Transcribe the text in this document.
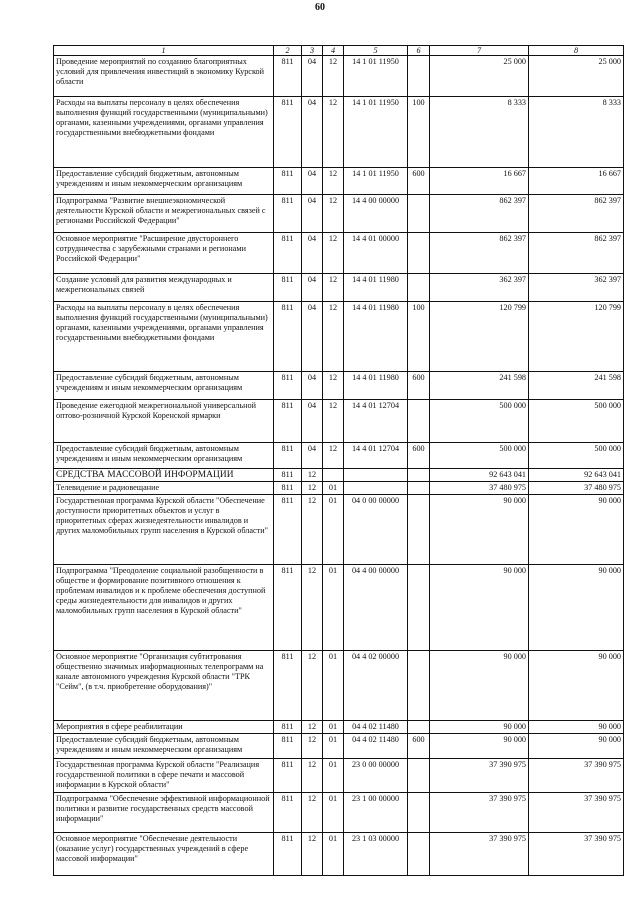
60
1	2	3	4	5	6	7	8
Проведение мероприятий по созданию благоприятных условий для привлечения инвестиций в экономику Курской области	811	04	12	14 1 01 11950		25 000	25 000
Расходы на выплаты персоналу в целях обеспечения выполнения функций государственными (муниципальными) органами, казенными учреждениями, органами управления государственными внебюджетными фондами	811	04	12	14 1 01 11950	100	8 333	8 333
Предоставление субсидий бюджетным, автономным учреждениям и иным некоммерческим организациям	811	04	12	14 1 01 11950	600	16 667	16 667
Подпрограмма "Развитие внешнеэкономической деятельности Курской области и межрегиональных связей с регионами Российской Федерации"	811	04	12	14 4 00 00000		862 397	862 397
Основное мероприятие "Расширение двустороннего сотрудничества с зарубежными странами и регионами Российской Федерации"	811	04	12	14 4 01 00000		862 397	862 397
Создание условий для развития международных и межрегиональных связей	811	04	12	14 4 01 11980		362 397	362 397
Расходы на выплаты персоналу в целях обеспечения выполнения функций государственными (муниципальными) органами, казенными учреждениями, органами управления государственными внебюджетными фондами	811	04	12	14 4 01 11980	100	120 799	120 799
Предоставление субсидий бюджетным, автономным учреждениям и иным некоммерческим организациям	811	04	12	14 4 01 11980	600	241 598	241 598
Проведение ежегодной межрегиональной универсальной оптово-розничной Курской Коренской ярмарки	811	04	12	14 4 01 12704		500 000	500 000
Предоставление субсидий бюджетным, автономным учреждениям и иным некоммерческим организациям	811	04	12	14 4 01 12704	600	500 000	500 000
СРЕДСТВА МАССОВОЙ ИНФОРМАЦИИ	811	12				92 643 041	92 643 041
Телевидение и радиовещание	811	12	01			37 480 975	37 480 975
Государственная программа Курской области "Обеспечение доступности приоритетных объектов и услуг в приоритетных сферах жизнедеятельности инвалидов и других маломобильных групп населения в Курской области"	811	12	01	04 0 00 00000		90 000	90 000
Подпрограмма "Преодоление социальной разобщенности в обществе и формирование позитивного отношения к проблемам инвалидов и к проблеме обеспечения доступной среды жизнедеятельности для инвалидов и других маломобильных групп населения в Курской области"	811	12	01	04 4 00 00000		90 000	90 000
Основное мероприятие "Организация субтитрования общественно значимых информационных телепрограмм на канале автономного учреждения Курской области "ТРК "Сейм", (в т.ч. приобретение оборудования)"	811	12	01	04 4 02 00000		90 000	90 000
Мероприятия в сфере реабилитации	811	12	01	04 4 02 11480		90 000	90 000
Предоставление субсидий бюджетным, автономным учреждениям и иным некоммерческим организациям	811	12	01	04 4 02 11480	600	90 000	90 000
Государственная программа Курской области "Реализация государственной политики в сфере печати и массовой информации в Курской области"	811	12	01	23 0 00 00000		37 390 975	37 390 975
Подпрограмма "Обеспечение эффективной информационной политики и развитие государственных средств массовой информации"	811	12	01	23 1 00 00000		37 390 975	37 390 975
Основное мероприятие "Обеспечение деятельности (оказание услуг) государственных учреждений в сфере массовой информации"	811	12	01	23 1 03 00000		37 390 975	37 390 975
